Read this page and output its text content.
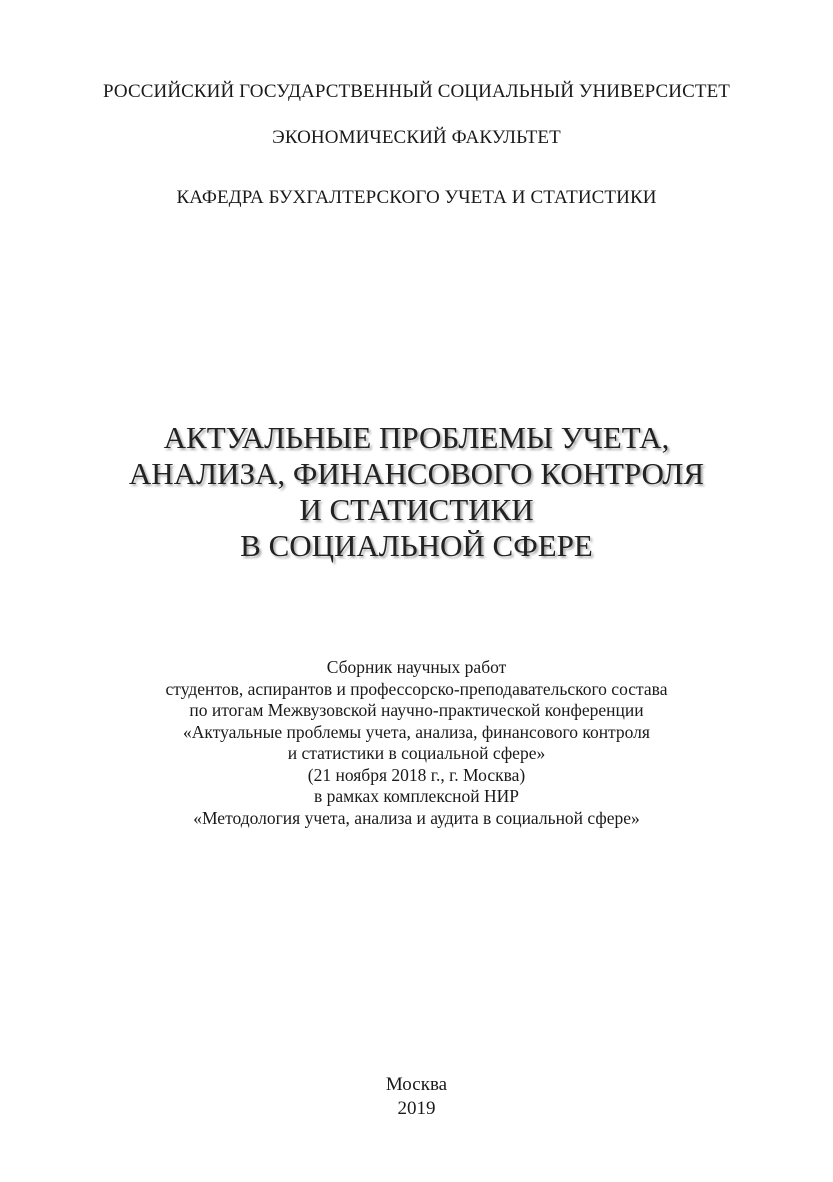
РОССИЙСКИЙ ГОСУДАРСТВЕННЫЙ СОЦИАЛЬНЫЙ УНИВЕРСИСТЕТ
ЭКОНОМИЧЕСКИЙ ФАКУЛЬТЕТ
КАФЕДРА БУХГАЛТЕРСКОГО УЧЕТА И СТАТИСТИКИ
АКТУАЛЬНЫЕ ПРОБЛЕМЫ УЧЕТА,
АНАЛИЗА, ФИНАНСОВОГО КОНТРОЛЯ
И СТАТИСТИКИ
В СОЦИАЛЬНОЙ СФЕРЕ
Сборник научных работ
студентов, аспирантов и профессорско-преподавательского состава
по итогам Межвузовской научно-практической конференции
«Актуальные проблемы учета, анализа, финансового контроля
и статистики в социальной сфере»
(21 ноября 2018 г., г. Москва)
в рамках комплексной НИР
«Методология учета, анализа и аудита в социальной сфере»
Москва
2019
